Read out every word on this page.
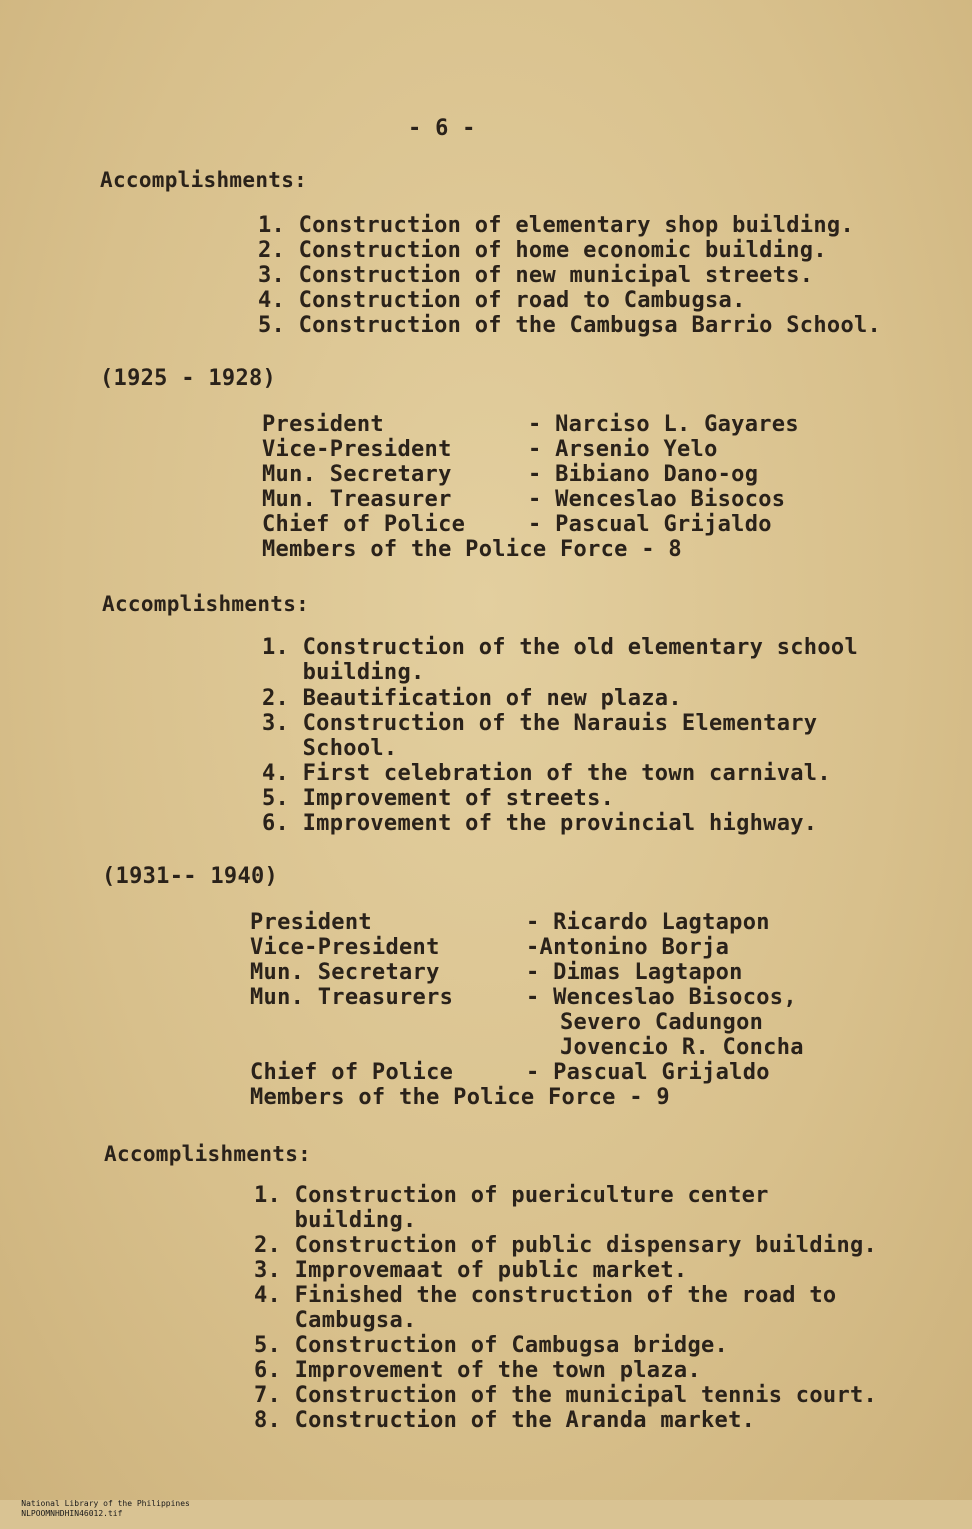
- 6 -
Accomplishments:
1. Construction of elementary shop building.
2. Construction of home economic building.
3. Construction of new municipal streets.
4. Construction of road to Cambugsa.
5. Construction of the Cambugsa Barrio School.
(1925 - 1928)
President	- Narciso L. Gayares
Vice-President	- Arsenio Yelo
Mun. Secretary	- Bibiano Dano-og
Mun. Treasurer	- Wenceslao Bisocos
Chief of Police	- Pascual Grijaldo
Members of the Police Force - 8
Accomplishments:
1. Construction of the old elementary school
building.
2. Beautification of new plaza.
3. Construction of the Narauis Elementary
School.
4. First celebration of the town carnival.
5. Improvement of streets.
6. Improvement of the provincial highway.
(1931-- 1940)
President	- Ricardo Lagtapon
Vice-President	-Antonino Borja
Mun. Secretary	- Dimas Lagtapon
Mun. Treasurers	- Wenceslao Bisocos,
Severo Cadungon
Jovencio R. Concha
Chief of Police	- Pascual Grijaldo
Members of the Police Force - 9
Accomplishments:
1. Construction of puericulture center
building.
2. Construction of public dispensary building.
3. Improvemaat of public market.
4. Finished the construction of the road to
Cambugsa.
5. Construction of Cambugsa bridge.
6. Improvement of the town plaza.
7. Construction of the municipal tennis court.
8. Construction of the Aranda market.

National Library of the Philippines
NLPOOMNHDHIN46012.tif
